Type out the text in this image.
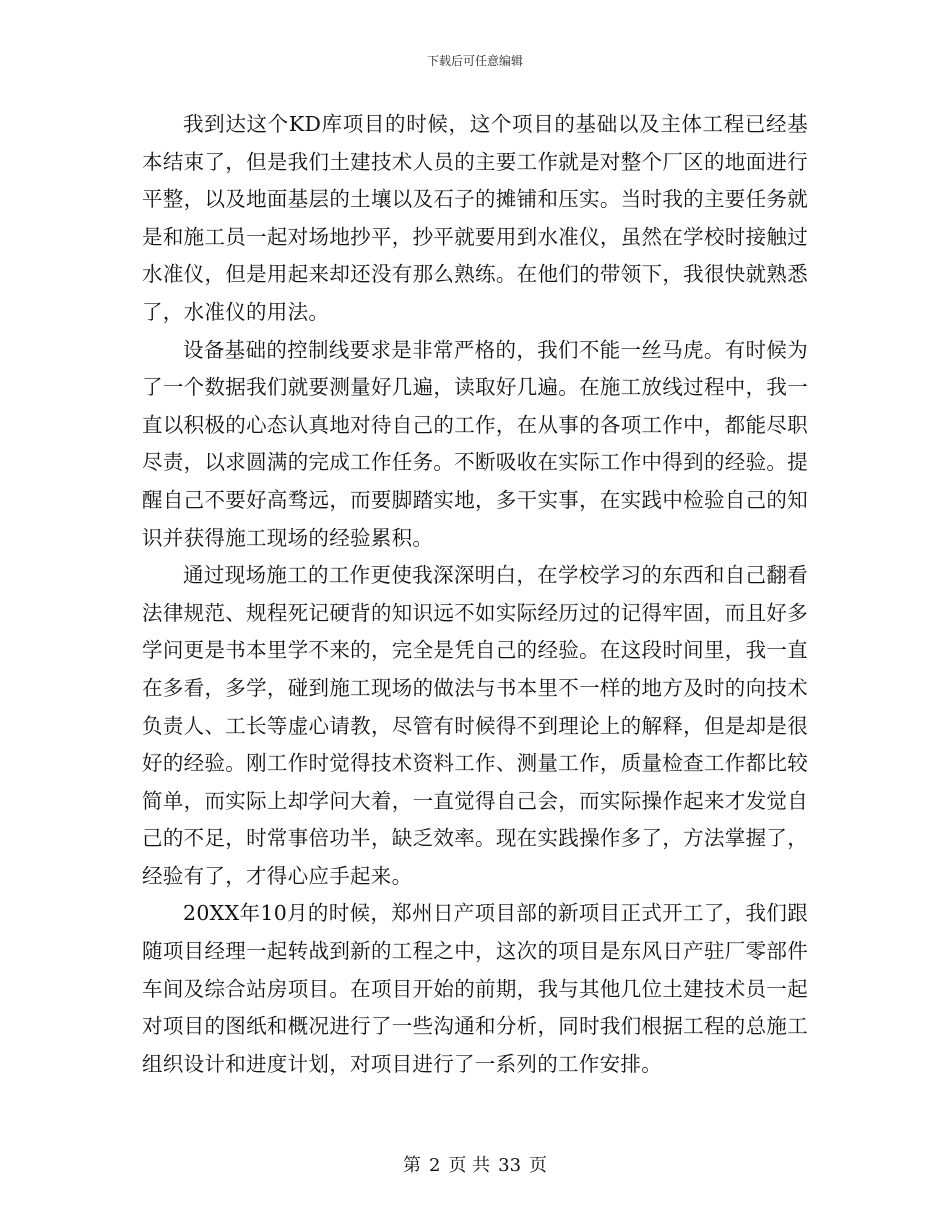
下载后可任意编辑

我到达这个KD库项目的时候，这个项目的基础以及主体工程已经基本结束了，但是我们土建技术人员的主要工作就是对整个厂区的地面进行平整，以及地面基层的土壤以及石子的摊铺和压实。当时我的主要任务就是和施工员一起对场地抄平，抄平就要用到水准仪，虽然在学校时接触过水准仪，但是用起来却还没有那么熟练。在他们的带领下，我很快就熟悉了，水准仪的用法。

设备基础的控制线要求是非常严格的，我们不能一丝马虎。有时候为了一个数据我们就要测量好几遍，读取好几遍。在施工放线过程中，我一直以积极的心态认真地对待自己的工作，在从事的各项工作中，都能尽职尽责，以求圆满的完成工作任务。不断吸收在实际工作中得到的经验。提醒自己不要好高骛远，而要脚踏实地，多干实事，在实践中检验自己的知识并获得施工现场的经验累积。

通过现场施工的工作更使我深深明白，在学校学习的东西和自己翻看法律规范、规程死记硬背的知识远不如实际经历过的记得牢固，而且好多学问更是书本里学不来的，完全是凭自己的经验。在这段时间里，我一直在多看，多学，碰到施工现场的做法与书本里不一样的地方及时的向技术负责人、工长等虚心请教，尽管有时候得不到理论上的解释，但是却是很好的经验。刚工作时觉得技术资料工作、测量工作，质量检查工作都比较简单，而实际上却学问大着，一直觉得自己会，而实际操作起来才发觉自己的不足，时常事倍功半，缺乏效率。现在实践操作多了，方法掌握了，经验有了，才得心应手起来。

20XX年10月的时候，郑州日产项目部的新项目正式开工了，我们跟随项目经理一起转战到新的工程之中，这次的项目是东风日产驻厂零部件车间及综合站房项目。在项目开始的前期，我与其他几位土建技术员一起对项目的图纸和概况进行了一些沟通和分析，同时我们根据工程的总施工组织设计和进度计划，对项目进行了一系列的工作安排。

第 2 页 共 33 页
